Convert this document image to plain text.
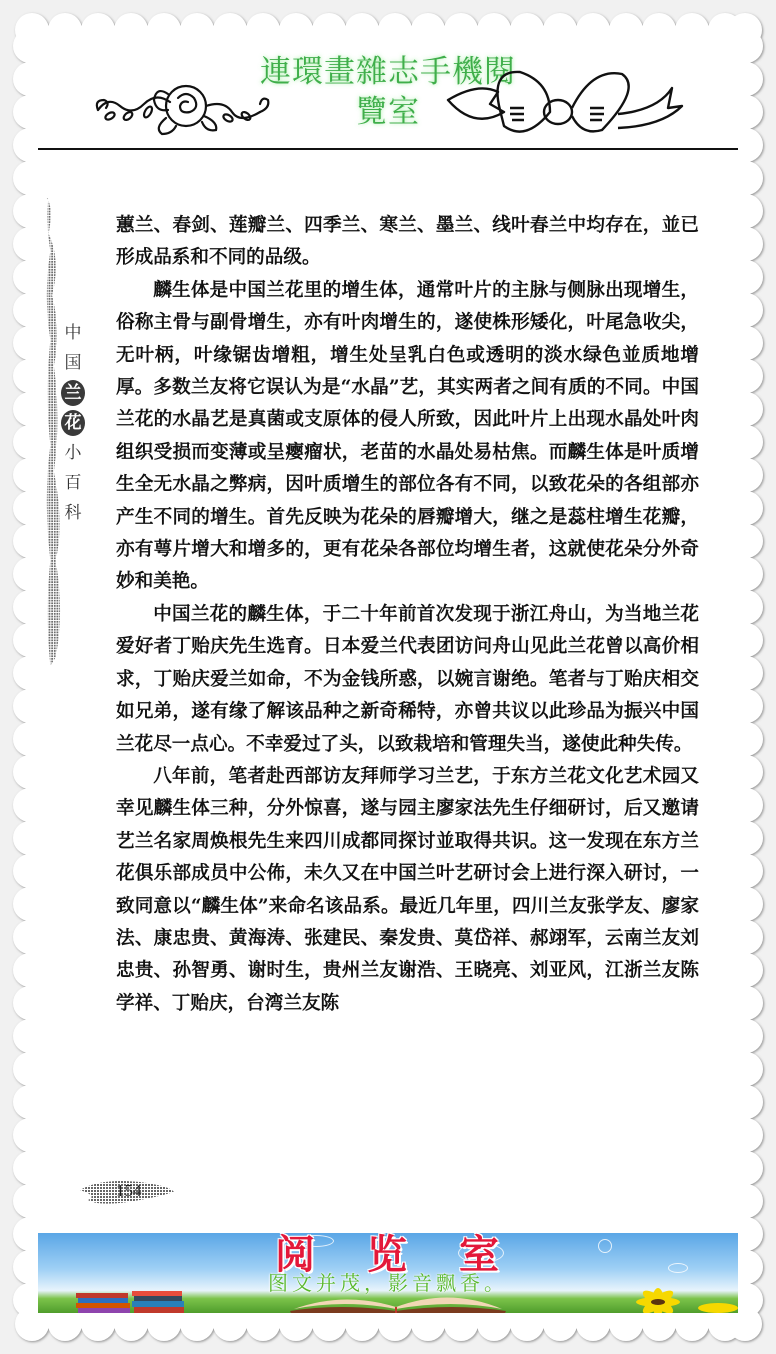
連環畫雜志手機閱
覽室
中
国
兰
花
小
百
科

蕙兰、春剑、莲瓣兰、四季兰、寒兰、墨兰、线叶春兰中均存在，並已形成品系和不同的品级。

麟生体是中国兰花里的增生体，通常叶片的主脉与侧脉出现增生，俗称主骨与副骨增生，亦有叶肉增生的，遂使株形矮化，叶尾急收尖，无叶柄，叶缘锯齿增粗，增生处呈乳白色或透明的淡水绿色並质地增厚。多数兰友将它误认为是“水晶”艺，其实两者之间有质的不同。中国兰花的水晶艺是真菌或支原体的侵人所致，因此叶片上出现水晶处叶肉组织受损而变薄或呈瘿瘤状，老苗的水晶处易枯焦。而麟生体是叶质增生全无水晶之弊病，因叶质增生的部位各有不同，以致花朵的各组部亦产生不同的增生。首先反映为花朵的唇瓣增大，继之是蕊柱增生花瓣，亦有萼片增大和增多的，更有花朵各部位均增生者，这就使花朵分外奇妙和美艳。

中国兰花的麟生体，于二十年前首次发现于浙江舟山，为当地兰花爱好者丁贻庆先生选育。日本爱兰代表团访问舟山见此兰花曾以高价相求，丁贻庆爱兰如命，不为金钱所惑，以婉言谢绝。笔者与丁贻庆相交如兄弟，遂有缘了解该品种之新奇稀特，亦曾共议以此珍品为振兴中国兰花尽一点心。不幸爱过了头，以致栽培和管理失当，遂使此种失传。

八年前，笔者赴西部访友拜师学习兰艺，于东方兰花文化艺术园又幸见麟生体三种，分外惊喜，遂与园主廖家法先生仔细研讨，后又邀请艺兰名家周焕根先生来四川成都同探讨並取得共识。这一发现在东方兰花俱乐部成员中公佈，未久又在中国兰叶艺研讨会上进行深入研讨，一致同意以“麟生体”来命名该品系。最近几年里，四川兰友张学友、廖家法、康忠贵、黄海涛、张建民、秦发贵、莫岱祥、郝翊军，云南兰友刘忠贵、孙智勇、谢时生，贵州兰友谢浩、王晓亮、刘亚风，江浙兰友陈学祥、丁贻庆，台湾兰友陈

154
阅览室
图文并茂，影音飘香。
